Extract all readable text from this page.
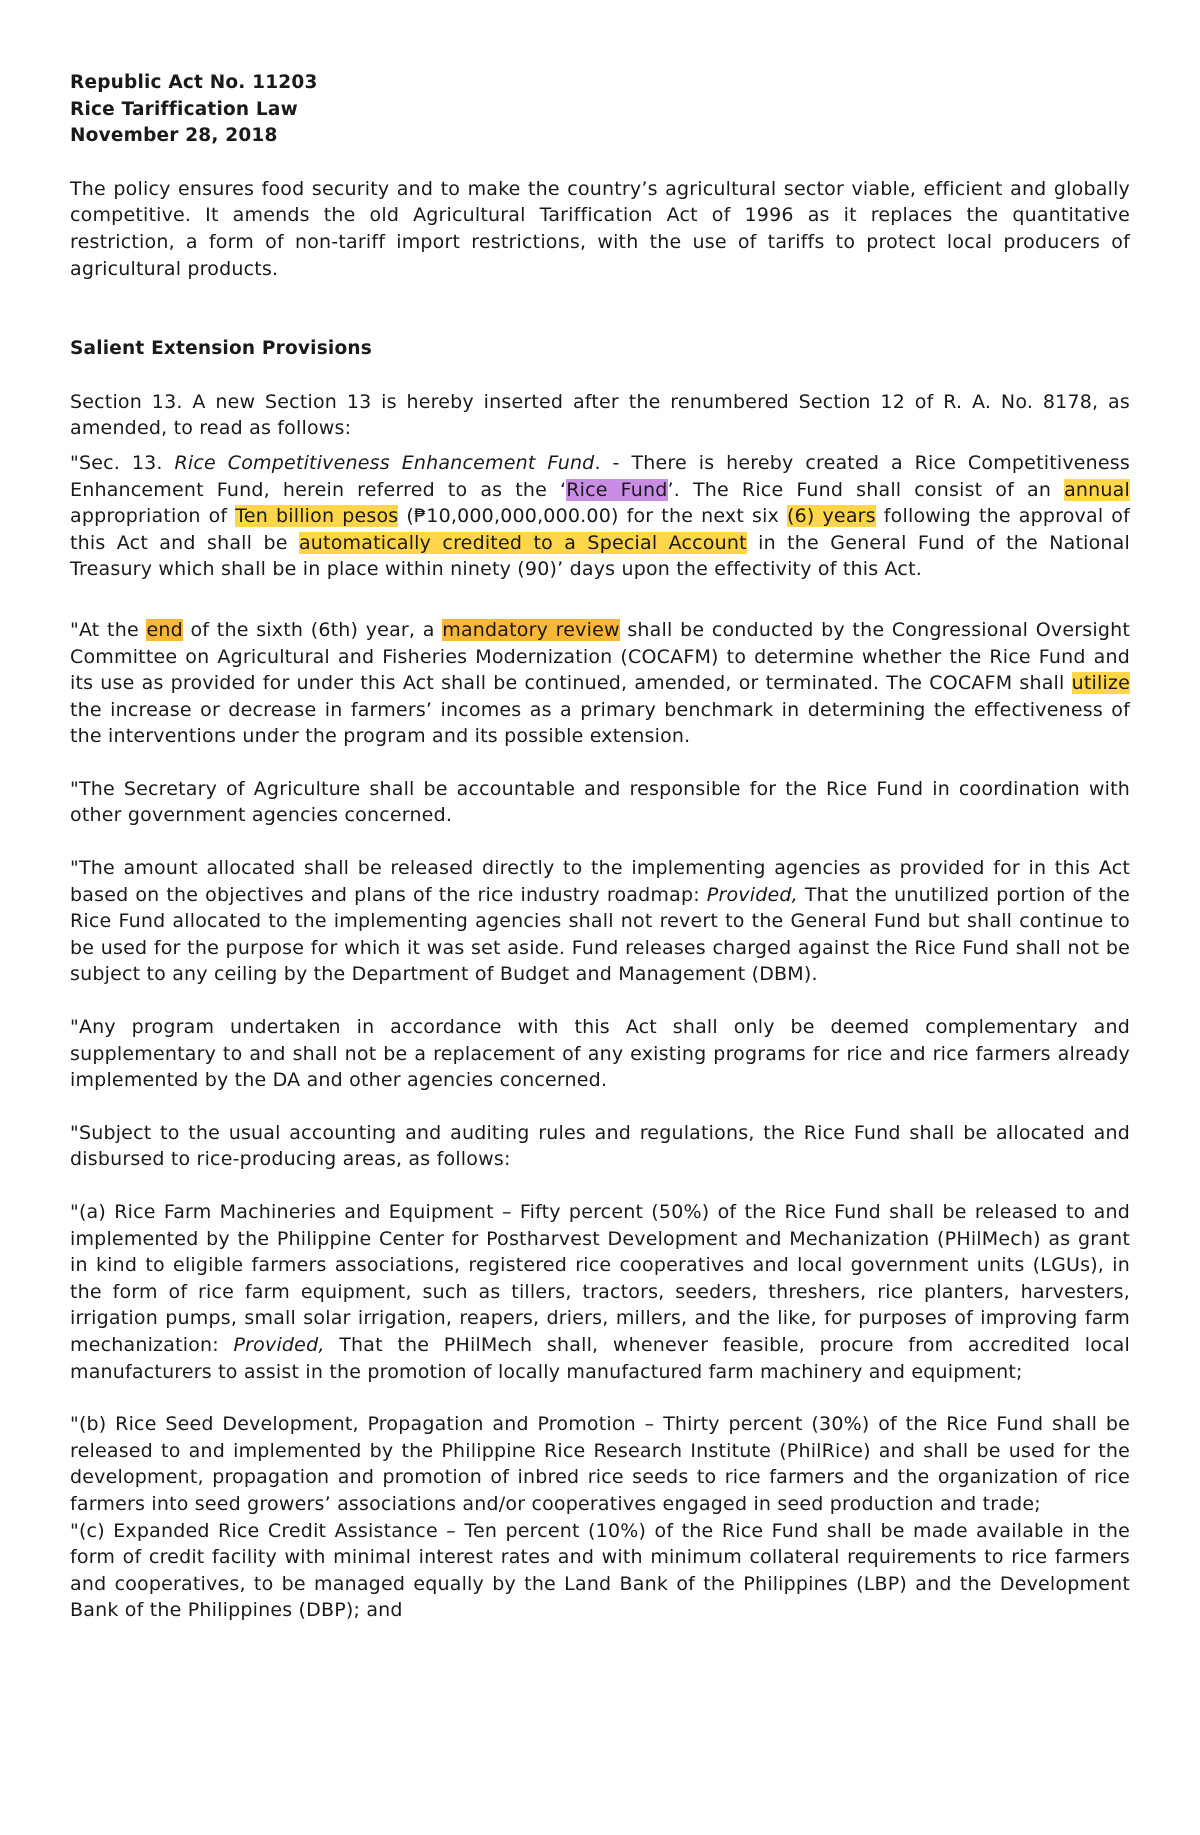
Republic Act No. 11203
Rice Tariffication Law
November 28, 2018

The policy ensures food security and to make the country’s agricultural sector viable, efficient and globally competitive. It amends the old Agricultural Tariffication Act of 1996 as it replaces the quantitative restriction, a form of non-tariff import restrictions, with the use of tariffs to protect local producers of agricultural products.

Salient Extension Provisions

Section 13. A new Section 13 is hereby inserted after the renumbered Section 12 of R. A. No. 8178, as amended, to read as follows:

"Sec. 13. Rice Competitiveness Enhancement Fund. - There is hereby created a Rice Competitiveness Enhancement Fund, herein referred to as the ‘Rice Fund’. The Rice Fund shall consist of an annual appropriation of Ten billion pesos (₱10,000,000,000.00) for the next six (6) years following the approval of this Act and shall be automatically credited to a Special Account in the General Fund of the National Treasury which shall be in place within ninety (90)’ days upon the effectivity of this Act.

"At the end of the sixth (6th) year, a mandatory review shall be conducted by the Congressional Oversight Committee on Agricultural and Fisheries Modernization (COCAFM) to determine whether the Rice Fund and its use as provided for under this Act shall be continued, amended, or terminated. The COCAFM shall utilize the increase or decrease in farmers’ incomes as a primary benchmark in determining the effectiveness of the interventions under the program and its possible extension.

"The Secretary of Agriculture shall be accountable and responsible for the Rice Fund in coordination with other government agencies concerned.

"The amount allocated shall be released directly to the implementing agencies as provided for in this Act based on the objectives and plans of the rice industry roadmap: Provided, That the unutilized portion of the Rice Fund allocated to the implementing agencies shall not revert to the General Fund but shall continue to be used for the purpose for which it was set aside. Fund releases charged against the Rice Fund shall not be subject to any ceiling by the Department of Budget and Management (DBM).

"Any program undertaken in accordance with this Act shall only be deemed complementary and supplementary to and shall not be a replacement of any existing programs for rice and rice farmers already implemented by the DA and other agencies concerned.

"Subject to the usual accounting and auditing rules and regulations, the Rice Fund shall be allocated and disbursed to rice-producing areas, as follows:

"(a) Rice Farm Machineries and Equipment – Fifty percent (50%) of the Rice Fund shall be released to and implemented by the Philippine Center for Postharvest Development and Mechanization (PHilMech) as grant in kind to eligible farmers associations, registered rice cooperatives and local government units (LGUs), in the form of rice farm equipment, such as tillers, tractors, seeders, threshers, rice planters, harvesters, irrigation pumps, small solar irrigation, reapers, driers, millers, and the like, for purposes of improving farm mechanization: Provided, That the PHilMech shall, whenever feasible, procure from accredited local manufacturers to assist in the promotion of locally manufactured farm machinery and equipment;

"(b) Rice Seed Development, Propagation and Promotion – Thirty percent (30%) of the Rice Fund shall be released to and implemented by the Philippine Rice Research Institute (PhilRice) and shall be used for the development, propagation and promotion of inbred rice seeds to rice farmers and the organization of rice farmers into seed growers’ associations and/or cooperatives engaged in seed production and trade;

"(c) Expanded Rice Credit Assistance – Ten percent (10%) of the Rice Fund shall be made available in the form of credit facility with minimal interest rates and with minimum collateral requirements to rice farmers and cooperatives, to be managed equally by the Land Bank of the Philippines (LBP) and the Development Bank of the Philippines (DBP); and
